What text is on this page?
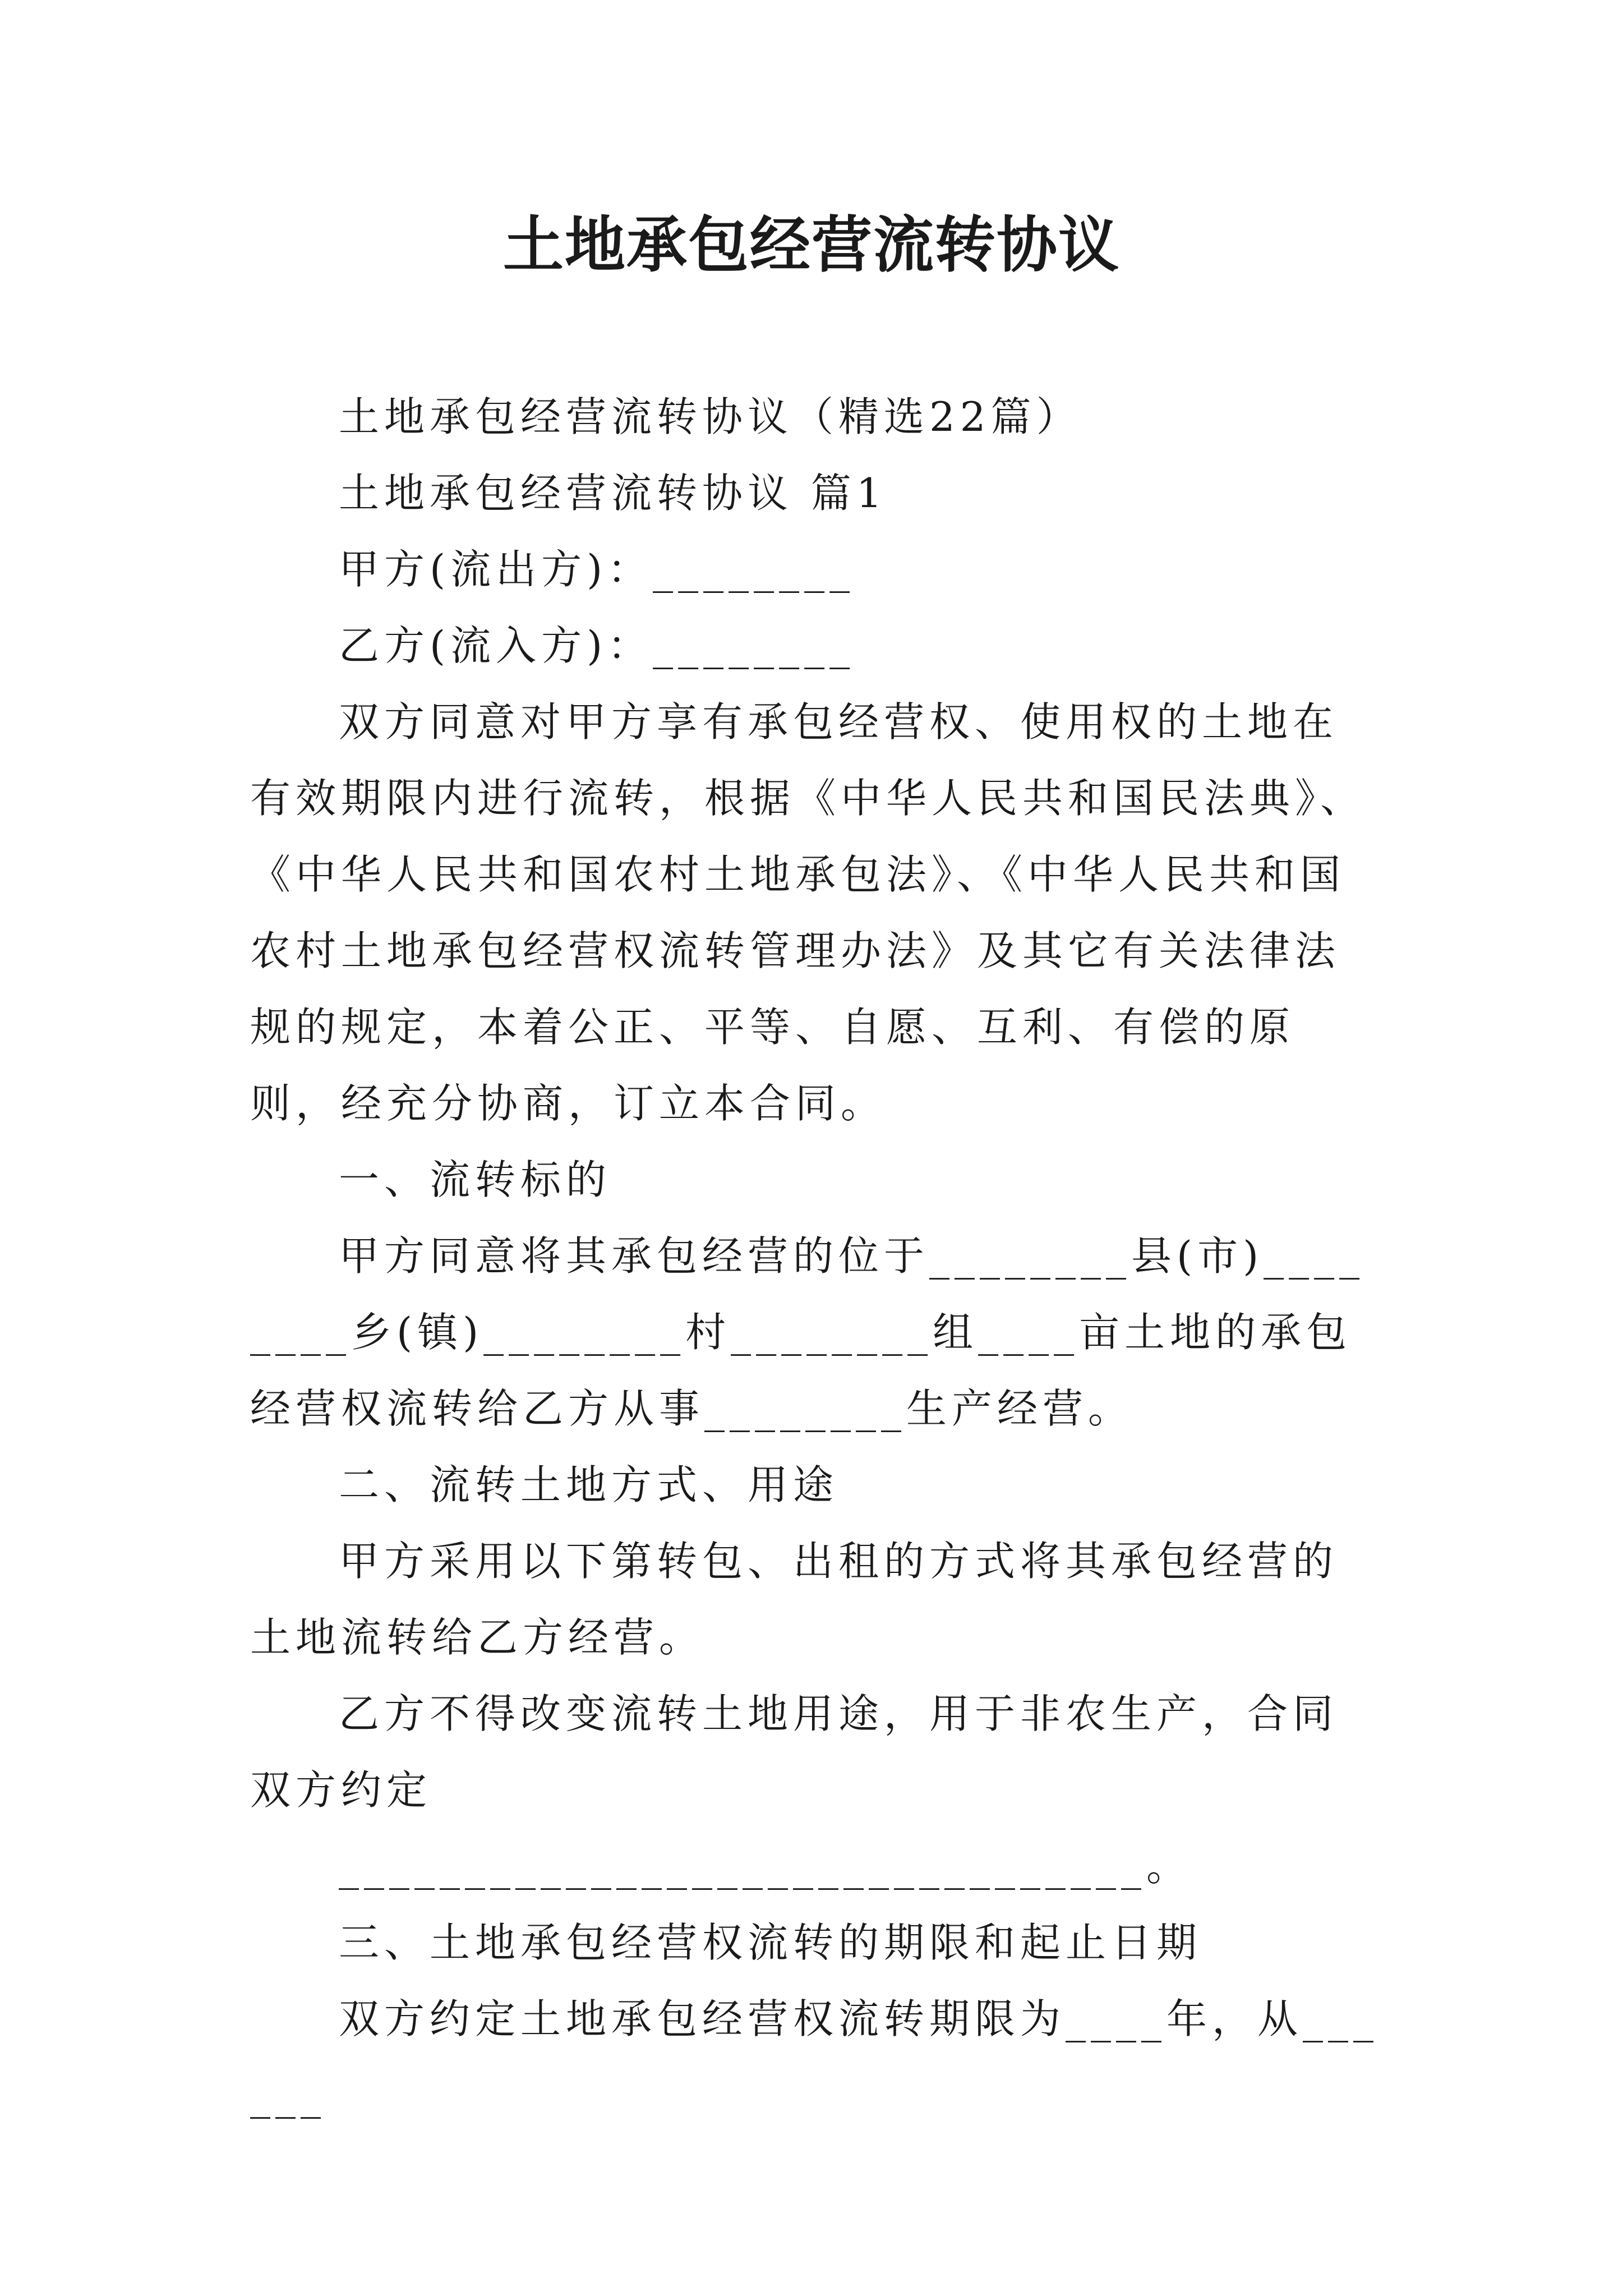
土地承包经营流转协议

土地承包经营流转协议（精选22篇）

土地承包经营流转协议 篇1

甲方(流出方)：________

乙方(流入方)：________

双方同意对甲方享有承包经营权、使用权的土地在有效期限内进行流转，根据《中华人民共和国民法典》、《中华人民共和国农村土地承包法》、《中华人民共和国农村土地承包经营权流转管理办法》及其它有关法律法规的规定，本着公正、平等、自愿、互利、有偿的原则，经充分协商，订立本合同。

一、流转标的

甲方同意将其承包经营的位于________县(市)________乡(镇)________村________组____亩土地的承包经营权流转给乙方从事________生产经营。

二、流转土地方式、用途

甲方采用以下第转包、出租的方式将其承包经营的土地流转给乙方经营。

乙方不得改变流转土地用途，用于非农生产，合同双方约定

________________________________。

三、土地承包经营权流转的期限和起止日期

双方约定土地承包经营权流转期限为____年，从______
